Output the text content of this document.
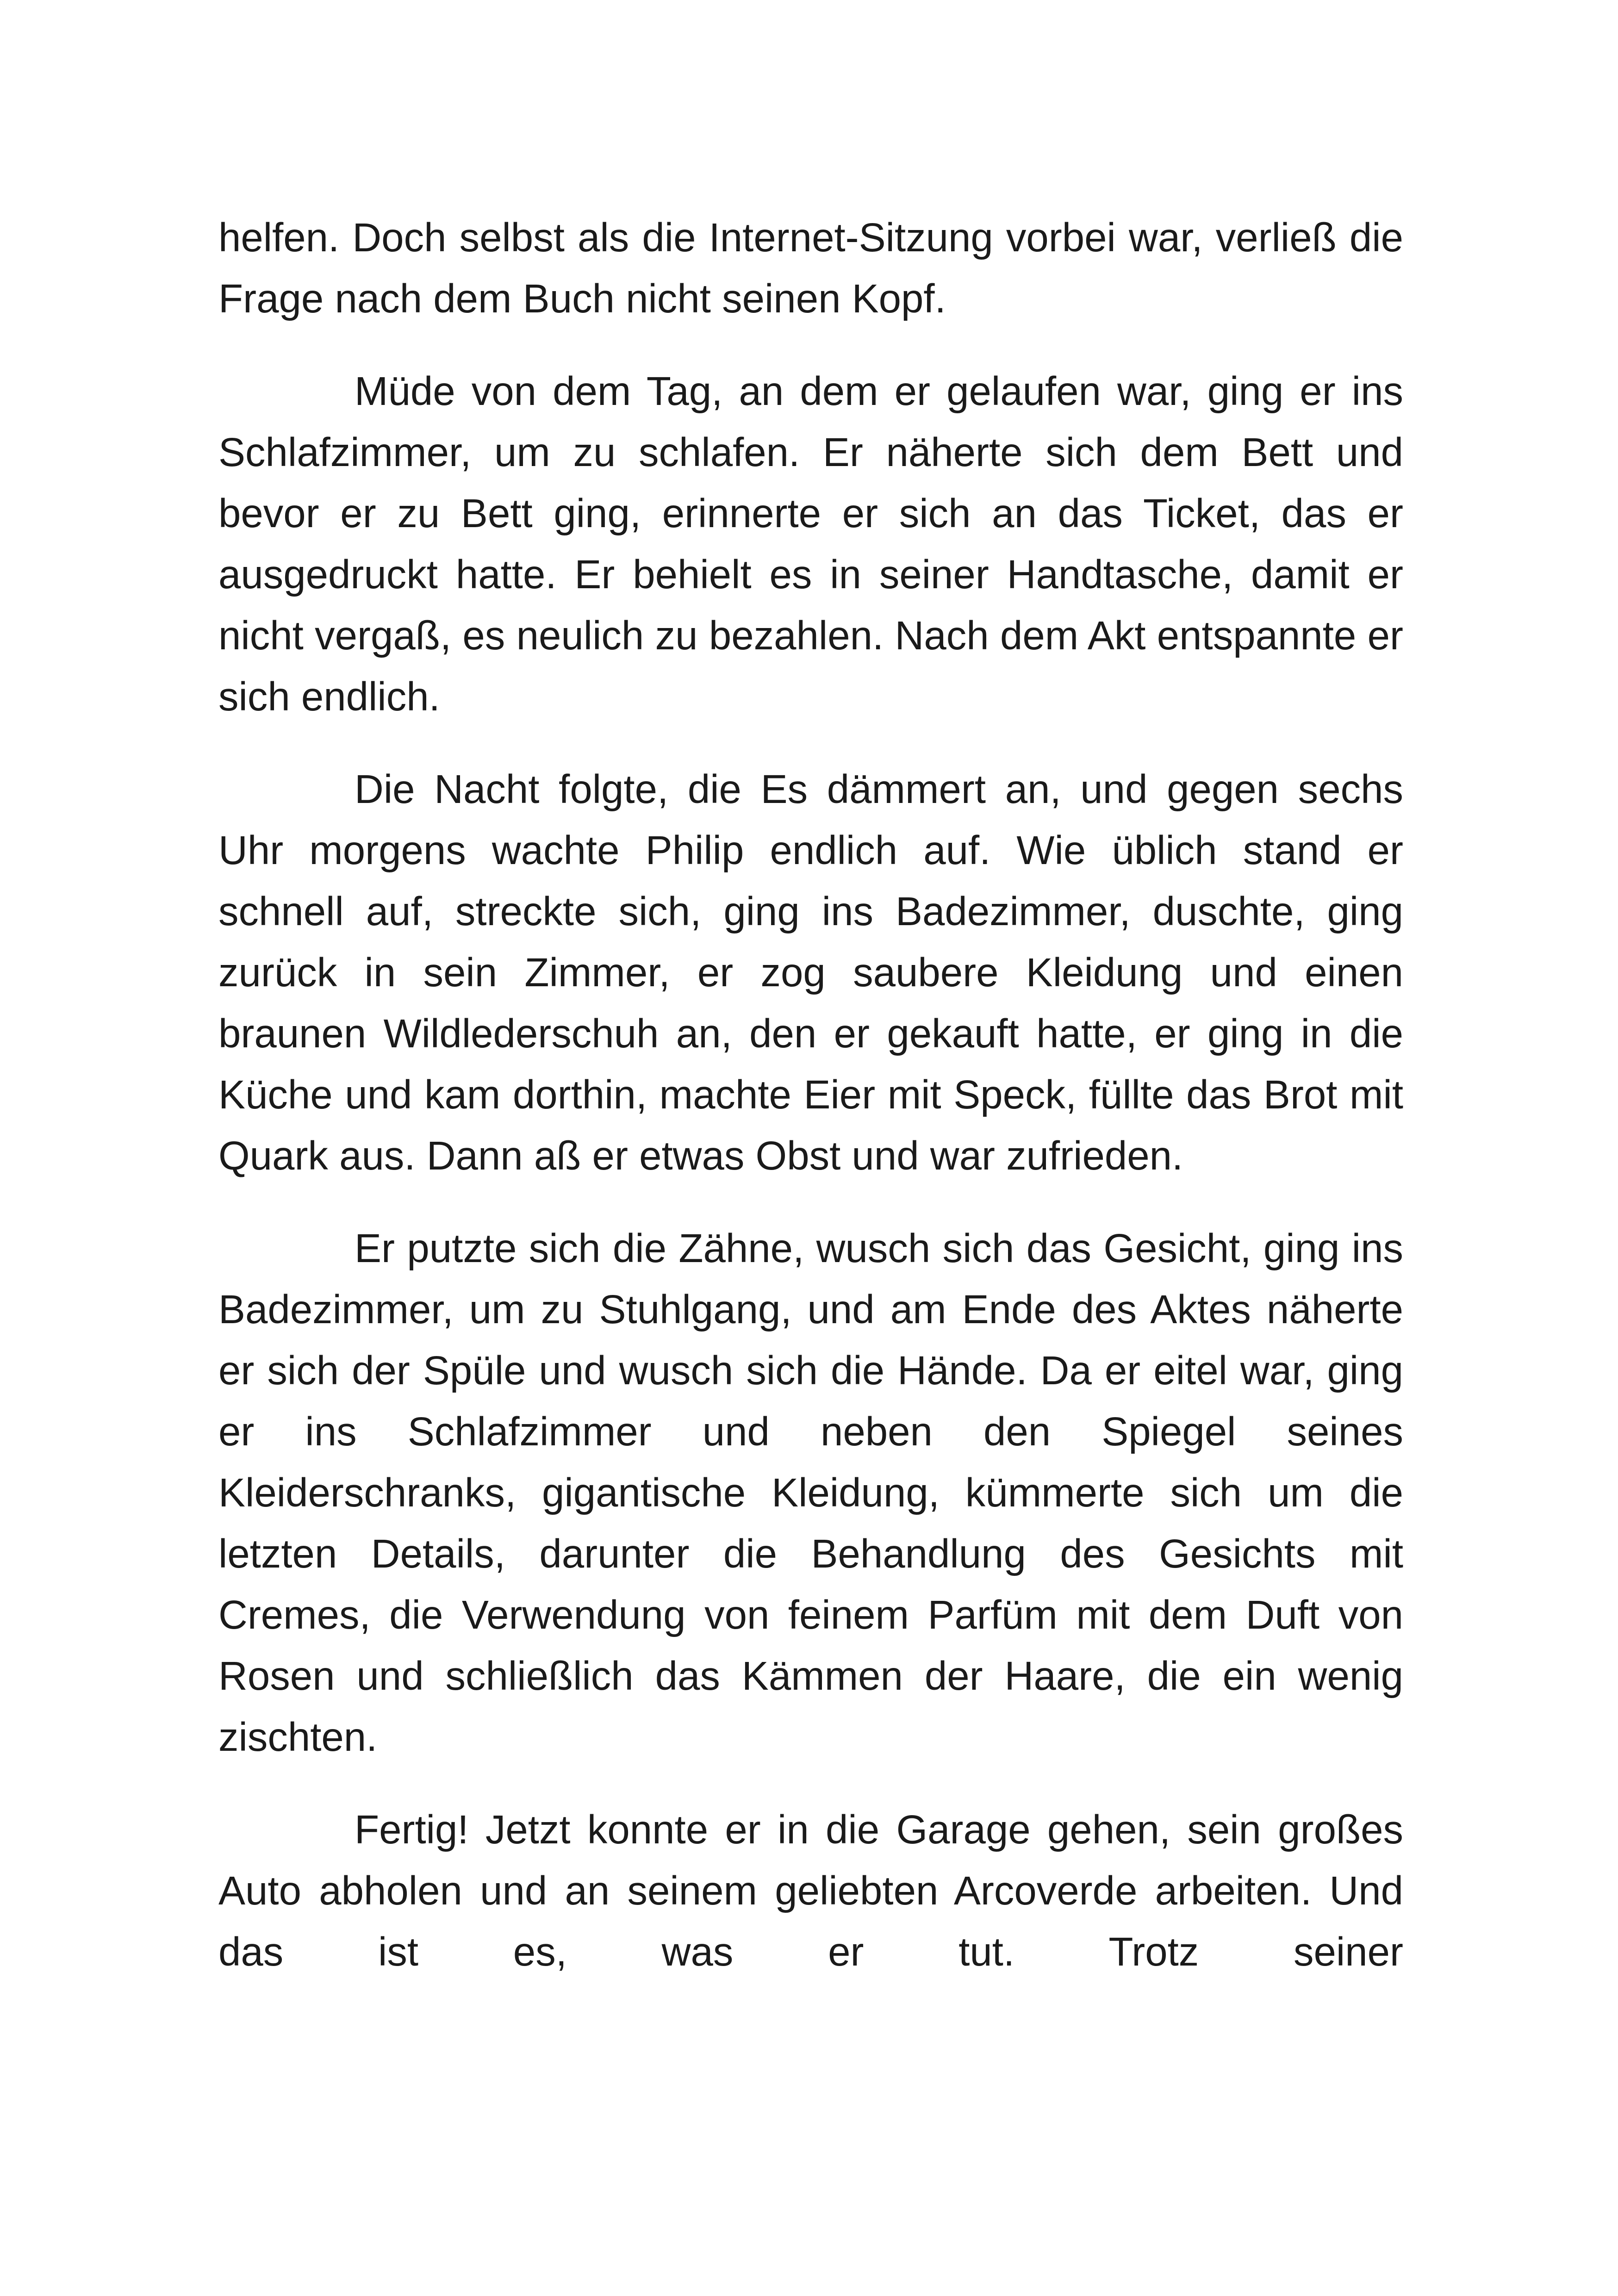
helfen. Doch selbst als die Internet-Sitzung vorbei war, verließ die Frage nach dem Buch nicht seinen Kopf.

Müde von dem Tag, an dem er gelaufen war, ging er ins Schlafzimmer, um zu schlafen. Er näherte sich dem Bett und bevor er zu Bett ging, erinnerte er sich an das Ticket, das er ausgedruckt hatte. Er behielt es in seiner Handtasche, damit er nicht vergaß, es neulich zu bezahlen. Nach dem Akt entspannte er sich endlich.

Die Nacht folgte, die Es dämmert an, und gegen sechs Uhr morgens wachte Philip endlich auf. Wie üblich stand er schnell auf, streckte sich, ging ins Badezimmer, duschte, ging zurück in sein Zimmer, er zog saubere Kleidung und einen braunen Wildlederschuh an, den er gekauft hatte, er ging in die Küche und kam dorthin, machte Eier mit Speck, füllte das Brot mit Quark aus. Dann aß er etwas Obst und war zufrieden.

Er putzte sich die Zähne, wusch sich das Gesicht, ging ins Badezimmer, um zu Stuhlgang, und am Ende des Aktes näherte er sich der Spüle und wusch sich die Hände. Da er eitel war, ging er ins Schlafzimmer und neben den Spiegel seines Kleiderschranks, gigantische Kleidung, kümmerte sich um die letzten Details, darunter die Behandlung des Gesichts mit Cremes, die Verwendung von feinem Parfüm mit dem Duft von Rosen und schließlich das Kämmen der Haare, die ein wenig zischten.

Fertig! Jetzt konnte er in die Garage gehen, sein großes Auto abholen und an seinem geliebten Arcoverde arbeiten. Und das ist es, was er tut. Trotz seiner
